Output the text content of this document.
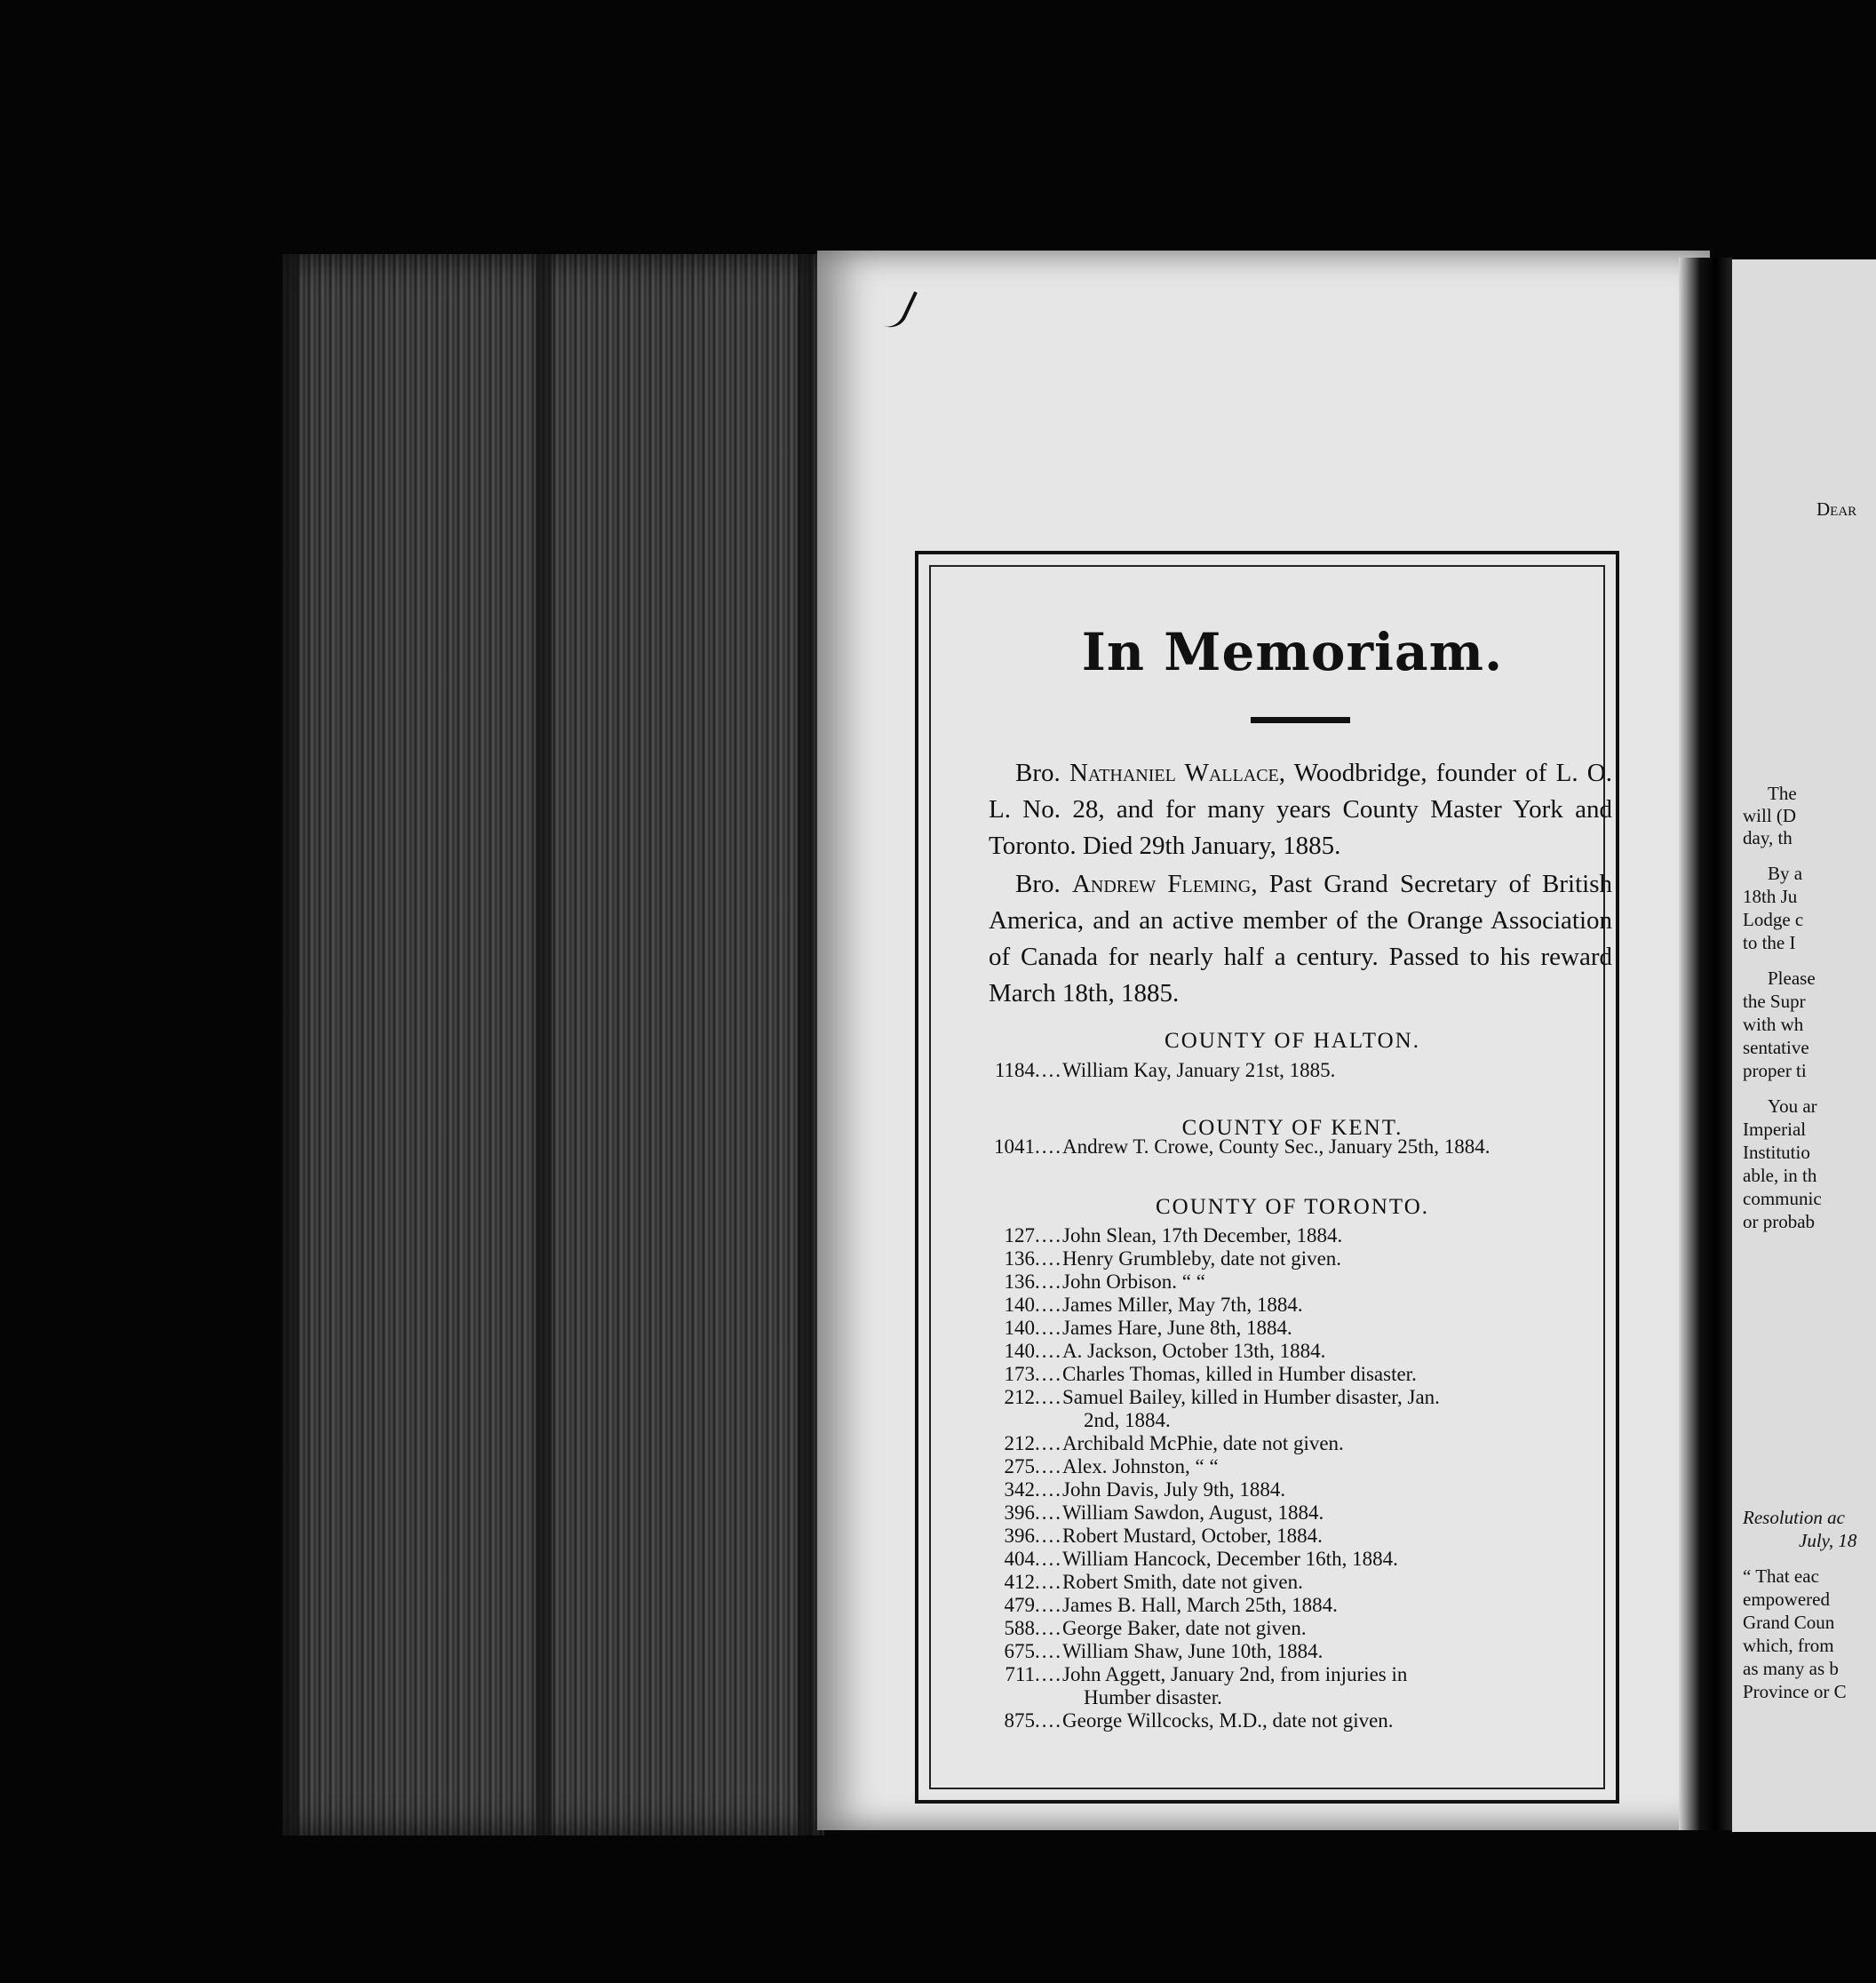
Dear
The
will (D
day, th
By a
18th Ju
Lodge c
to the I
Please
the Supr
with wh
sentative
proper ti
You ar
Imperial
Institutio
able, in th
communic
or probab
Resolution ac
July, 18
“ That eac
empowered
Grand Coun
which, from
as many as b
Province or C
In Memoriam.

Bro. Nathaniel Wallace, Woodbridge, founder of L. O. L. No. 28, and for many years County Master York and Toronto. Died 29th January, 1885.

Bro. Andrew Fleming, Past Grand Secretary of British America, and an active member of the Orange Association of Canada for nearly half a century. Passed to his reward March 18th, 1885.

COUNTY OF HALTON.
1184....William Kay, January 21st, 1885.
COUNTY OF KENT.
1041....Andrew T. Crowe, County Sec., January 25th, 1884.
COUNTY OF TORONTO.
127....John Slean, 17th December, 1884.
136....Henry Grumbleby, date not given.
136....John Orbison. “ “
140....James Miller, May 7th, 1884.
140....James Hare, June 8th, 1884.
140....A. Jackson, October 13th, 1884.
173....Charles Thomas, killed in Humber disaster.
212....Samuel Bailey, killed in Humber disaster, Jan.
2nd, 1884.
212....Archibald McPhie, date not given.
275....Alex. Johnston, “ “
342....John Davis, July 9th, 1884.
396....William Sawdon, August, 1884.
396....Robert Mustard, October, 1884.
404....William Hancock, December 16th, 1884.
412....Robert Smith, date not given.
479....James B. Hall, March 25th, 1884.
588....George Baker, date not given.
675....William Shaw, June 10th, 1884.
711....John Aggett, January 2nd, from injuries in
Humber disaster.
875....George Willcocks, M.D., date not given.
